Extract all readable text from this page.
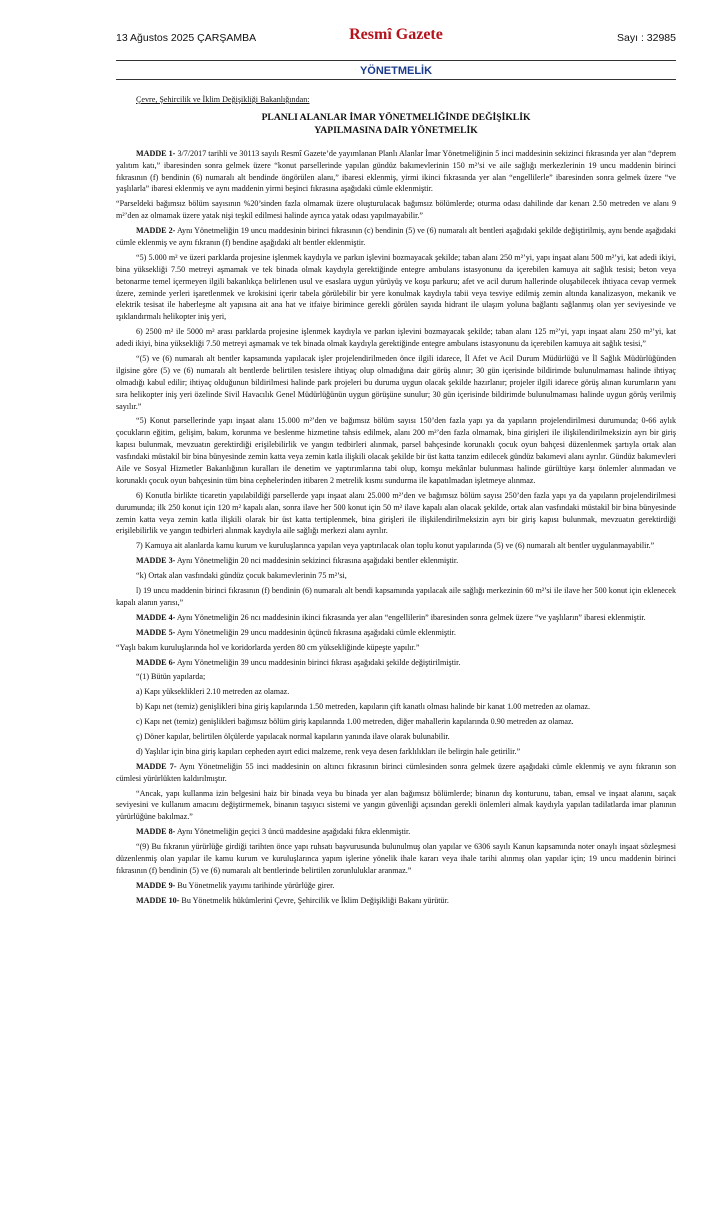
13 Ağustos 2025 ÇARŞAMBA	Resmî Gazete	Sayı : 32985
YÖNETMELİK

Çevre, Şehircilik ve İklim Değişikliği Bakanlığından:

PLANLI ALANLAR İMAR YÖNETMELİĞİNDE DEĞİŞİKLİK
YAPILMASINA DAİR YÖNETMELİK

MADDE 1- 3/7/2017 tarihli ve 30113 sayılı Resmî Gazete’de yayımlanan Planlı Alanlar İmar Yönetmeliğinin 5 inci maddesinin sekizinci fıkrasında yer alan “deprem yalıtım katı,” ibaresinden sonra gelmek üzere “konut parsellerinde yapılan gündüz bakımevlerinin 150 m²’si ve aile sağlığı merkezlerinin 19 uncu maddenin birinci fıkrasının (f) bendinin (6) numaralı alt bendinde öngörülen alanı,” ibaresi eklenmiş, yirmi ikinci fıkrasında yer alan “engellilerle” ibaresinden sonra gelmek üzere “ve yaşlılarla” ibaresi eklenmiş ve aynı maddenin yirmi beşinci fıkrasına aşağıdaki cümle eklenmiştir.

“Parseldeki bağımsız bölüm sayısının %20’sinden fazla olmamak üzere oluşturulacak bağımsız bölümlerde; oturma odası dahilinde dar kenarı 2.50 metreden ve alanı 9 m²’den az olmamak üzere yatak nişi teşkil edilmesi halinde ayrıca yatak odası yapılmayabilir.”

MADDE 2- Aynı Yönetmeliğin 19 uncu maddesinin birinci fıkrasının (c) bendinin (5) ve (6) numaralı alt bentleri aşağıdaki şekilde değiştirilmiş, aynı bende aşağıdaki cümle eklenmiş ve aynı fıkranın (f) bendine aşağıdaki alt bentler eklenmiştir.

“5) 5.000 m² ve üzeri parklarda projesine işlenmek kaydıyla ve parkın işlevini bozmayacak şekilde; taban alanı 250 m²’yi, yapı inşaat alanı 500 m²’yi, kat adedi ikiyi, bina yüksekliği 7.50 metreyi aşmamak ve tek binada olmak kaydıyla gerektiğinde entegre ambulans istasyonunu da içerebilen kamuya ait sağlık tesisi; beton veya betonarme temel içermeyen ilgili bakanlıkça belirlenen usul ve esaslara uygun yürüyüş ve koşu parkuru; afet ve acil durum hallerinde oluşabilecek ihtiyaca cevap vermek üzere, zeminde yerleri işaretlenmek ve krokisini içerir tabela görülebilir bir yere konulmak kaydıyla tabii veya tesviye edilmiş zemin altında kanalizasyon, mekanik ve elektrik tesisat ile haberleşme alt yapısına ait ana hat ve itfaiye birimince gerekli görülen sayıda hidrant ile ulaşım yoluna bağlantı sağlanmış olan yer seviyesinde ve ışıklandırmalı helikopter iniş yeri,

6) 2500 m² ile 5000 m² arası parklarda projesine işlenmek kaydıyla ve parkın işlevini bozmayacak şekilde; taban alanı 125 m²’yi, yapı inşaat alanı 250 m²’yi, kat adedi ikiyi, bina yüksekliği 7.50 metreyi aşmamak ve tek binada olmak kaydıyla gerektiğinde entegre ambulans istasyonunu da içerebilen kamuya ait sağlık tesisi,”

“(5) ve (6) numaralı alt bentler kapsamında yapılacak işler projelendirilmeden önce ilgili idarece, İl Afet ve Acil Durum Müdürlüğü ve İl Sağlık Müdürlüğünden ilgisine göre (5) ve (6) numaralı alt bentlerde belirtilen tesislere ihtiyaç olup olmadığına dair görüş alınır; 30 gün içerisinde bildirimde bulunulmaması halinde ihtiyaç olmadığı kabul edilir; ihtiyaç olduğunun bildirilmesi halinde park projeleri bu duruma uygun olacak şekilde hazırlanır; projeler ilgili idarece görüş alınan kurumların yanı sıra helikopter iniş yeri özelinde Sivil Havacılık Genel Müdürlüğünün uygun görüşüne sunulur; 30 gün içerisinde bildirimde bulunulmaması halinde uygun görüş verilmiş sayılır.”

“5) Konut parsellerinde yapı inşaat alanı 15.000 m²’den ve bağımsız bölüm sayısı 150’den fazla yapı ya da yapıların projelendirilmesi durumunda; 0-66 aylık çocukların eğitim, gelişim, bakım, korunma ve beslenme hizmetine tahsis edilmek, alanı 200 m²’den fazla olmamak, bina girişleri ile ilişkilendirilmeksizin ayrı bir giriş kapısı bulunmak, mevzuatın gerektirdiği erişilebilirlik ve yangın tedbirleri alınmak, parsel bahçesinde korunaklı çocuk oyun bahçesi düzenlenmek şartıyla ortak alan vasfındaki müstakil bir bina bünyesinde zemin katta veya zemin katla ilişkili olacak şekilde bir üst katta tanzim edilecek gündüz bakımevi alanı ayrılır. Gündüz bakımevleri Aile ve Sosyal Hizmetler Bakanlığının kuralları ile denetim ve yaptırımlarına tabi olup, komşu mekânlar bulunması halinde gürültüye karşı önlemler alınmadan ve korunaklı çocuk oyun bahçesinin tüm bina cephelerinden itibaren 2 metrelik kısmı sundurma ile kapatılmadan işletmeye alınmaz.

6) Konutla birlikte ticaretin yapılabildiği parsellerde yapı inşaat alanı 25.000 m²’den ve bağımsız bölüm sayısı 250’den fazla yapı ya da yapıların projelendirilmesi durumunda; ilk 250 konut için 120 m² kapalı alan, sonra ilave her 500 konut için 50 m² ilave kapalı alan olacak şekilde, ortak alan vasfındaki müstakil bir bina bünyesinde zemin katta veya zemin katla ilişkili olarak bir üst katta tertiplenmek, bina girişleri ile ilişkilendirilmeksizin ayrı bir giriş kapısı bulunmak, mevzuatın gerektirdiği erişilebilirlik ve yangın tedbirleri alınmak kaydıyla aile sağlığı merkezi alanı ayrılır.

7) Kamuya ait alanlarda kamu kurum ve kuruluşlarınca yapılan veya yaptırılacak olan toplu konut yapılarında (5) ve (6) numaralı alt bentler uygulanmayabilir.”

MADDE 3- Aynı Yönetmeliğin 20 nci maddesinin sekizinci fıkrasına aşağıdaki bentler eklenmiştir.

“k) Ortak alan vasfındaki gündüz çocuk bakımevlerinin 75 m²’si,

l) 19 uncu maddenin birinci fıkrasının (f) bendinin (6) numaralı alt bendi kapsamında yapılacak aile sağlığı merkezinin 60 m²’si ile ilave her 500 konut için eklenecek kapalı alanın yarısı,”

MADDE 4- Aynı Yönetmeliğin 26 ncı maddesinin ikinci fıkrasında yer alan “engellilerin” ibaresinden sonra gelmek üzere “ve yaşlıların” ibaresi eklenmiştir.

MADDE 5- Aynı Yönetmeliğin 29 uncu maddesinin üçüncü fıkrasına aşağıdaki cümle eklenmiştir.

“Yaşlı bakım kuruluşlarında hol ve koridorlarda yerden 80 cm yüksekliğinde küpeşte yapılır.”

MADDE 6- Aynı Yönetmeliğin 39 uncu maddesinin birinci fıkrası aşağıdaki şekilde değiştirilmiştir.

“(1) Bütün yapılarda;

a) Kapı yükseklikleri 2.10 metreden az olamaz.

b) Kapı net (temiz) genişlikleri bina giriş kapılarında 1.50 metreden, kapıların çift kanatlı olması halinde bir kanat 1.00 metreden az olamaz.

c) Kapı net (temiz) genişlikleri bağımsız bölüm giriş kapılarında 1.00 metreden, diğer mahallerin kapılarında 0.90 metreden az olamaz.

ç) Döner kapılar, belirtilen ölçülerde yapılacak normal kapıların yanında ilave olarak bulunabilir.

d) Yaşlılar için bina giriş kapıları cepheden ayırt edici malzeme, renk veya desen farklılıkları ile belirgin hale getirilir.”

MADDE 7- Aynı Yönetmeliğin 55 inci maddesinin on altıncı fıkrasının birinci cümlesinden sonra gelmek üzere aşağıdaki cümle eklenmiş ve aynı fıkranın son cümlesi yürürlükten kaldırılmıştır.

“Ancak, yapı kullanma izin belgesini haiz bir binada veya bu binada yer alan bağımsız bölümlerde; binanın dış konturunu, taban, emsal ve inşaat alanını, saçak seviyesini ve kullanım amacını değiştirmemek, binanın taşıyıcı sistemi ve yangın güvenliği açısından gerekli önlemleri almak kaydıyla yapılan tadilatlarda imar planının yürürlüğüne bakılmaz.”

MADDE 8- Aynı Yönetmeliğin geçici 3 üncü maddesine aşağıdaki fıkra eklenmiştir.

“(9) Bu fıkranın yürürlüğe girdiği tarihten önce yapı ruhsatı başvurusunda bulunulmuş olan yapılar ve 6306 sayılı Kanun kapsamında noter onaylı inşaat sözleşmesi düzenlenmiş olan yapılar ile kamu kurum ve kuruluşlarınca yapım işlerine yönelik ihale kararı veya ihale tarihi alınmış olan yapılar için; 19 uncu maddenin birinci fıkrasının (f) bendinin (5) ve (6) numaralı alt bentlerinde belirtilen zorunluluklar aranmaz.”

MADDE 9- Bu Yönetmelik yayımı tarihinde yürürlüğe girer.

MADDE 10- Bu Yönetmelik hükümlerini Çevre, Şehircilik ve İklim Değişikliği Bakanı yürütür.
